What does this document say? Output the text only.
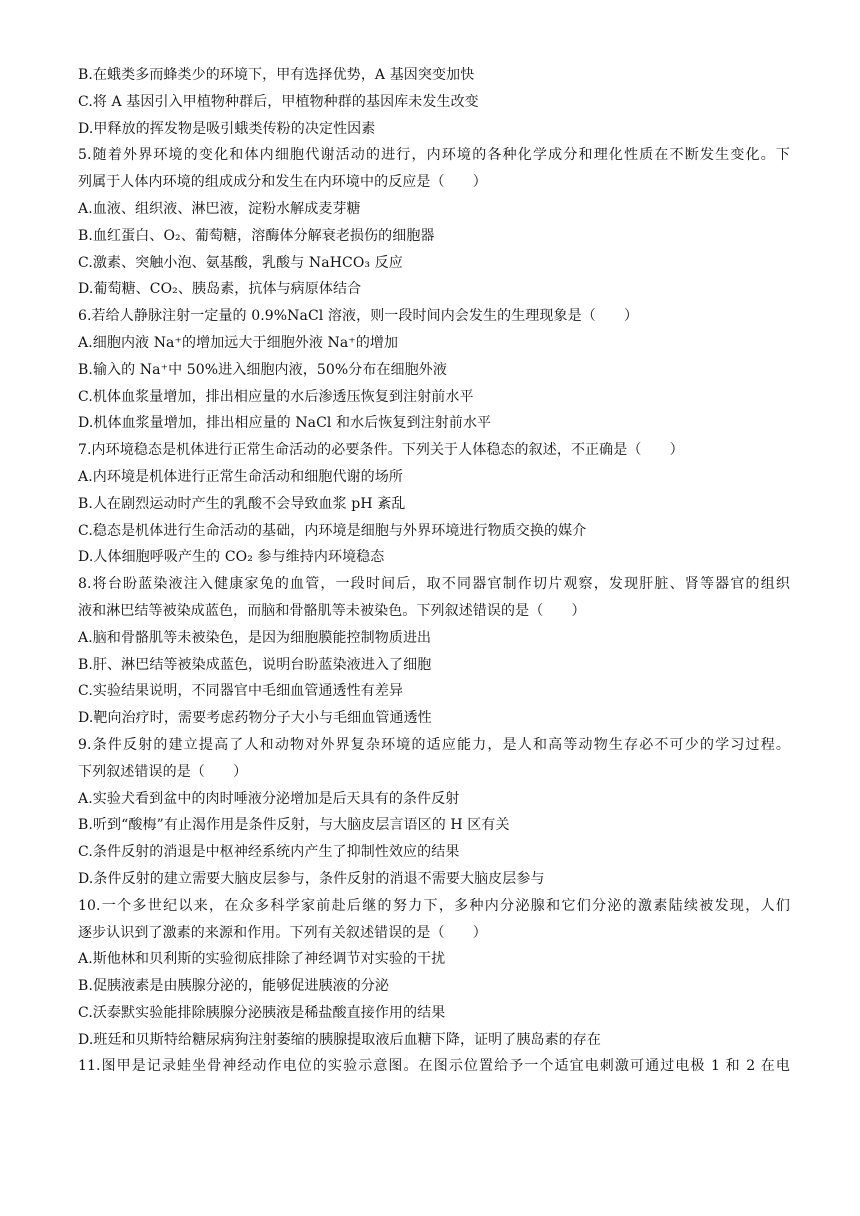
B.在蛾类多而蜂类少的环境下，甲有选择优势，A 基因突变加快
C.将 A 基因引入甲植物种群后，甲植物种群的基因库未发生改变
D.甲释放的挥发物是吸引蛾类传粉的决定性因素
5.随着外界环境的变化和体内细胞代谢活动的进行，内环境的各种化学成分和理化性质在不断发生变化。下
列属于人体内环境的组成成分和发生在内环境中的反应是（　　）
A.血液、组织液、淋巴液，淀粉水解成麦芽糖
B.血红蛋白、O₂、葡萄糖，溶酶体分解衰老损伤的细胞器
C.激素、突触小泡、氨基酸，乳酸与 NaHCO₃ 反应
D.葡萄糖、CO₂、胰岛素，抗体与病原体结合
6.若给人静脉注射一定量的 0.9%NaCl 溶液，则一段时间内会发生的生理现象是（　　）
A.细胞内液 Na⁺的增加远大于细胞外液 Na⁺的增加
B.输入的 Na⁺中 50%进入细胞内液，50%分布在细胞外液
C.机体血浆量增加，排出相应量的水后渗透压恢复到注射前水平
D.机体血浆量增加，排出相应量的 NaCl 和水后恢复到注射前水平
7.内环境稳态是机体进行正常生命活动的必要条件。下列关于人体稳态的叙述，不正确是（　　）
A.内环境是机体进行正常生命活动和细胞代谢的场所
B.人在剧烈运动时产生的乳酸不会导致血浆 pH 紊乱
C.稳态是机体进行生命活动的基础，内环境是细胞与外界环境进行物质交换的媒介
D.人体细胞呼吸产生的 CO₂ 参与维持内环境稳态
8.将台盼蓝染液注入健康家兔的血管，一段时间后，取不同器官制作切片观察，发现肝脏、肾等器官的组织
液和淋巴结等被染成蓝色，而脑和骨骼肌等未被染色。下列叙述错误的是（　　）
A.脑和骨骼肌等未被染色，是因为细胞膜能控制物质进出
B.肝、淋巴结等被染成蓝色，说明台盼蓝染液进入了细胞
C.实验结果说明，不同器官中毛细血管通透性有差异
D.靶向治疗时，需要考虑药物分子大小与毛细血管通透性
9.条件反射的建立提高了人和动物对外界复杂环境的适应能力，是人和高等动物生存必不可少的学习过程。
下列叙述错误的是（　　）
A.实验犬看到盆中的肉时唾液分泌增加是后天具有的条件反射
B.听到“酸梅”有止渴作用是条件反射，与大脑皮层言语区的 H 区有关
C.条件反射的消退是中枢神经系统内产生了抑制性效应的结果
D.条件反射的建立需要大脑皮层参与，条件反射的消退不需要大脑皮层参与
10.一个多世纪以来，在众多科学家前赴后继的努力下，多种内分泌腺和它们分泌的激素陆续被发现，人们
逐步认识到了激素的来源和作用。下列有关叙述错误的是（　　）
A.斯他林和贝利斯的实验彻底排除了神经调节对实验的干扰
B.促胰液素是由胰腺分泌的，能够促进胰液的分泌
C.沃泰默实验能排除胰腺分泌胰液是稀盐酸直接作用的结果
D.班廷和贝斯特给糖尿病狗注射萎缩的胰腺提取液后血糖下降，证明了胰岛素的存在
11.图甲是记录蛙坐骨神经动作电位的实验示意图。在图示位置给予一个适宜电刺激可通过电极 1 和 2 在电
